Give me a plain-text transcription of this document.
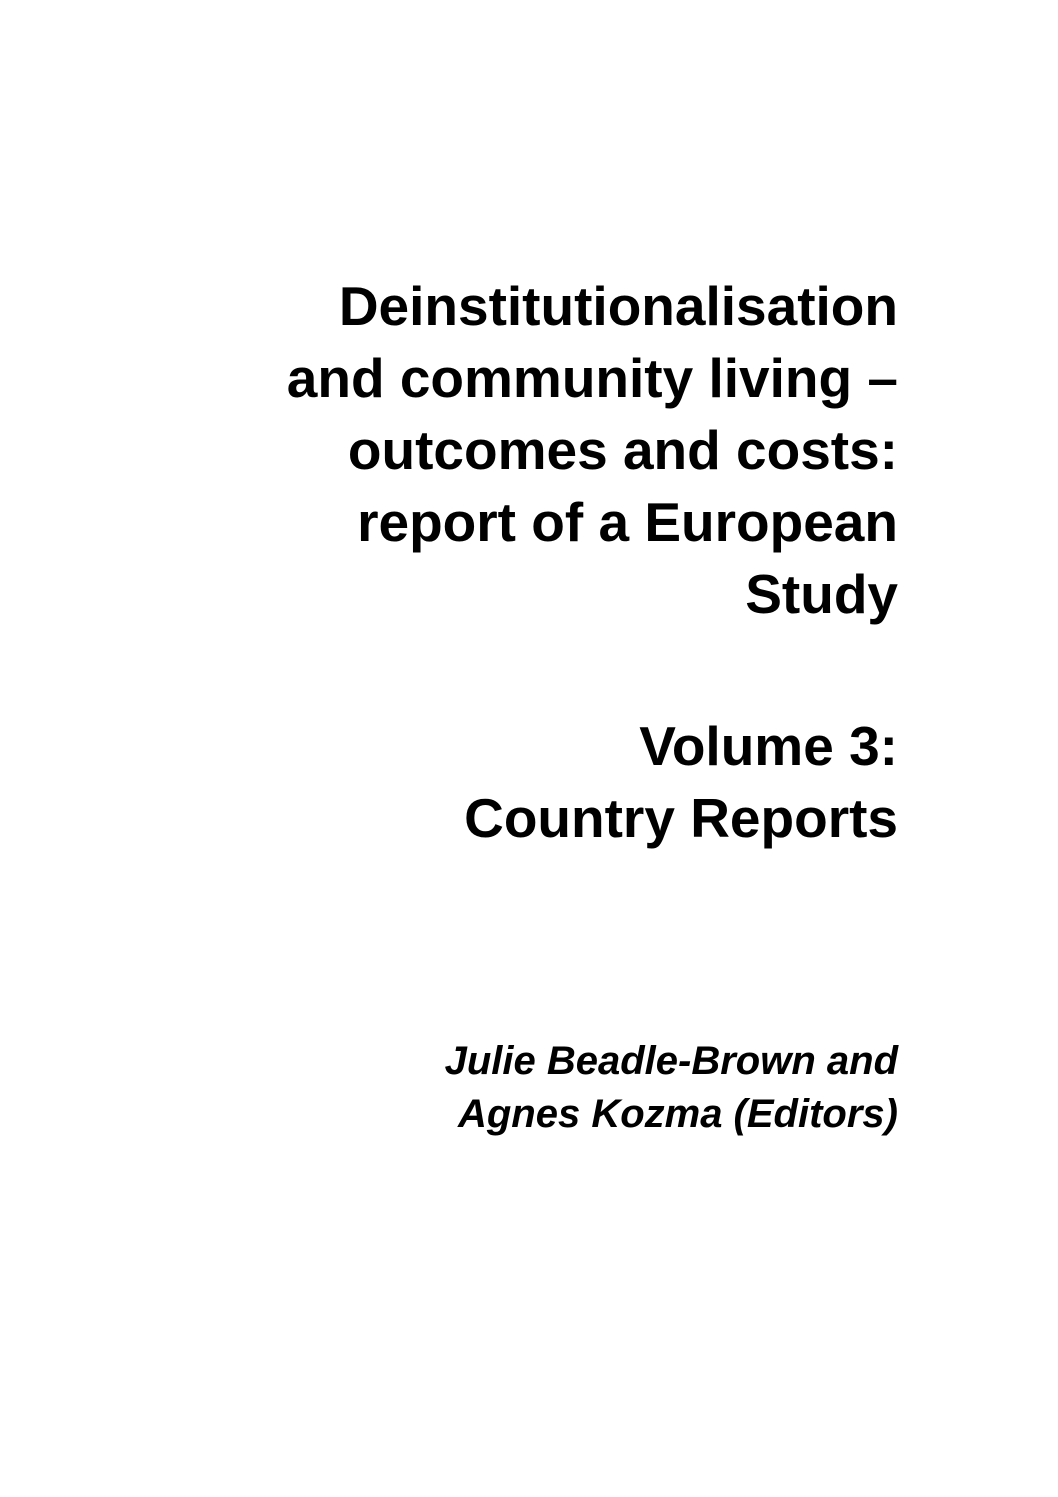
Deinstitutionalisation
and community living –
outcomes and costs:
report of a European
Study
Volume 3:
Country Reports
Julie Beadle-Brown and
Agnes Kozma (Editors)
